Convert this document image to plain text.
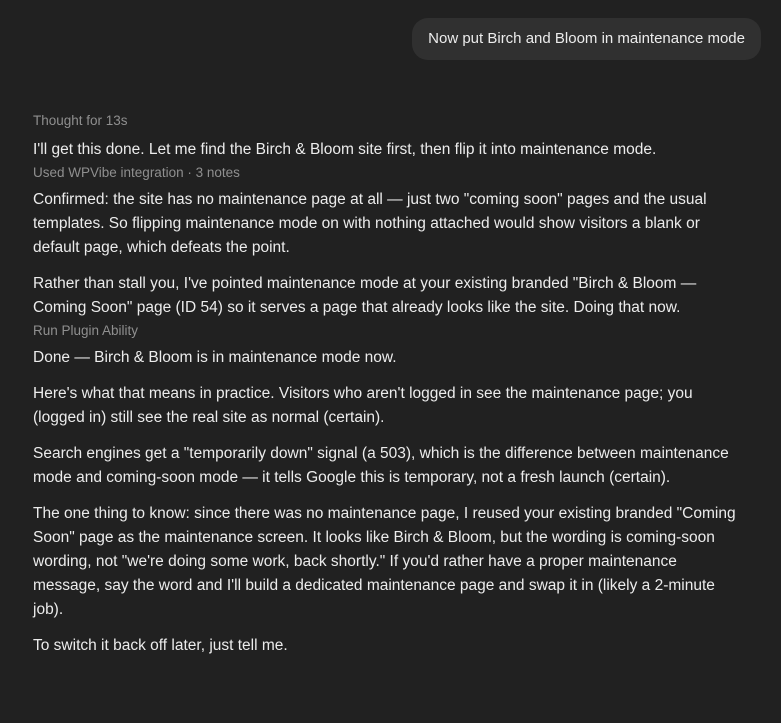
Now put Birch and Bloom in maintenance mode
Thought for 13s

I'll get this done. Let me find the Birch & Bloom site first, then flip it into maintenance mode.

Used WPVibe integration · 3 notes

Confirmed: the site has no maintenance page at all — just two "coming soon" pages and the usual templates. So flipping maintenance mode on with nothing attached would show visitors a blank or default page, which defeats the point.

Rather than stall you, I've pointed maintenance mode at your existing branded "Birch & Bloom — Coming Soon" page (ID 54) so it serves a page that already looks like the site. Doing that now.

Run Plugin Ability

Done — Birch & Bloom is in maintenance mode now.

Here's what that means in practice. Visitors who aren't logged in see the maintenance page; you (logged in) still see the real site as normal (certain).

Search engines get a "temporarily down" signal (a 503), which is the difference between maintenance mode and coming-soon mode — it tells Google this is temporary, not a fresh launch (certain).

The one thing to know: since there was no maintenance page, I reused your existing branded "Coming Soon" page as the maintenance screen. It looks like Birch & Bloom, but the wording is coming-soon wording, not "we're doing some work, back shortly." If you'd rather have a proper maintenance message, say the word and I'll build a dedicated maintenance page and swap it in (likely a 2-minute job).

To switch it back off later, just tell me.
